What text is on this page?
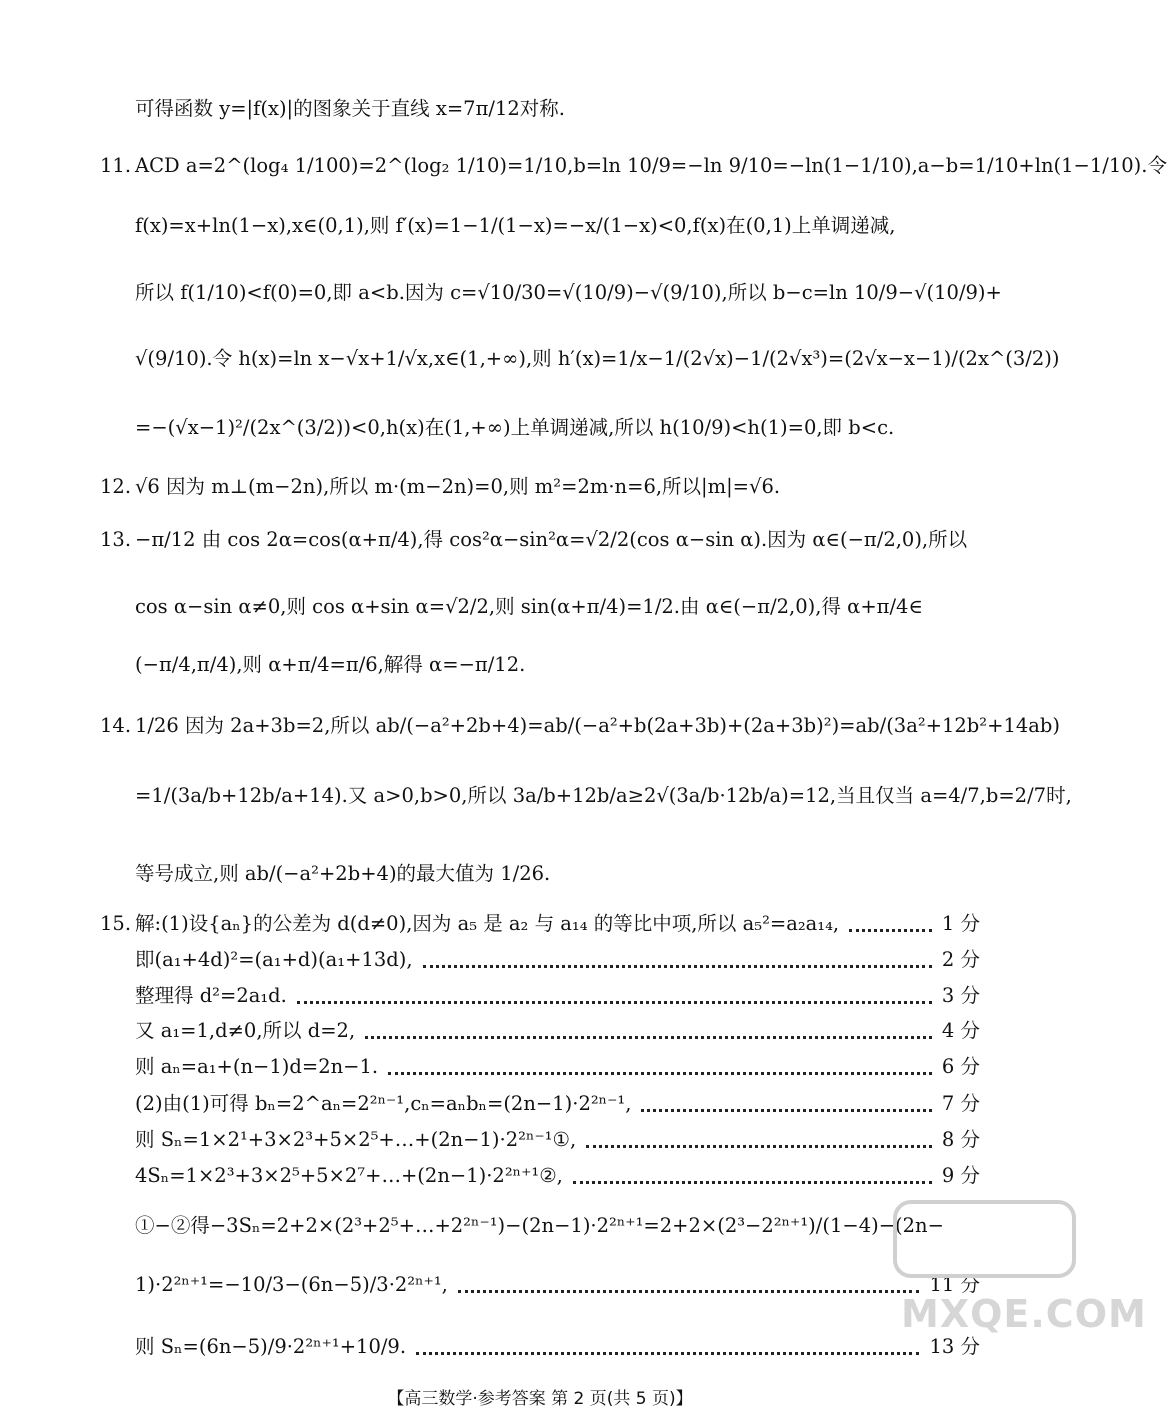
可得函数 y=|f(x)|的图象关于直线 x=7π/12对称.
11. ACD a=2^(log₄ 1/100)=2^(log₂ 1/10)=1/10,b=ln 10/9=−ln 9/10=−ln(1−1/10),a−b=1/10+ln(1−1/10).令
f(x)=x+ln(1−x),x∈(0,1),则 f′(x)=1−1/(1−x)=−x/(1−x)<0,f(x)在(0,1)上单调递减,
所以 f(1/10)<f(0)=0,即 a<b.因为 c=√10/30=√(10/9)−√(9/10),所以 b−c=ln 10/9−√(10/9)+
√(9/10).令 h(x)=ln x−√x+1/√x,x∈(1,+∞),则 h′(x)=1/x−1/(2√x)−1/(2√x³)=(2√x−x−1)/(2x^(3/2))
=−(√x−1)²/(2x^(3/2))<0,h(x)在(1,+∞)上单调递减,所以 h(10/9)<h(1)=0,即 b<c.
12. √6 因为 m⊥(m−2n),所以 m·(m−2n)=0,则 m²=2m·n=6,所以|m|=√6.
13. −π/12 由 cos 2α=cos(α+π/4),得 cos²α−sin²α=√2/2(cos α−sin α).因为 α∈(−π/2,0),所以
cos α−sin α≠0,则 cos α+sin α=√2/2,则 sin(α+π/4)=1/2.由 α∈(−π/2,0),得 α+π/4∈
(−π/4,π/4),则 α+π/4=π/6,解得 α=−π/12.
14. 1/26 因为 2a+3b=2,所以 ab/(−a²+2b+4)=ab/(−a²+b(2a+3b)+(2a+3b)²)=ab/(3a²+12b²+14ab)
=1/(3a/b+12b/a+14).又 a>0,b>0,所以 3a/b+12b/a≥2√(3a/b·12b/a)=12,当且仅当 a=4/7,b=2/7时,
等号成立,则 ab/(−a²+2b+4)的最大值为 1/26.
15. 解:(1)设{aₙ}的公差为 d(d≠0),因为 a₅ 是 a₂ 与 a₁₄ 的等比中项,所以 a₅²=a₂a₁₄,	1 分
即(a₁+4d)²=(a₁+d)(a₁+13d),	2 分
整理得 d²=2a₁d.	3 分
又 a₁=1,d≠0,所以 d=2,	4 分
则 aₙ=a₁+(n−1)d=2n−1.	6 分
(2)由(1)可得 bₙ=2^aₙ=2²ⁿ⁻¹,cₙ=aₙbₙ=(2n−1)·2²ⁿ⁻¹,	7 分
则 Sₙ=1×2¹+3×2³+5×2⁵+…+(2n−1)·2²ⁿ⁻¹①,	8 分
4Sₙ=1×2³+3×2⁵+5×2⁷+…+(2n−1)·2²ⁿ⁺¹②,	9 分
①−②得−3Sₙ=2+2×(2³+2⁵+…+2²ⁿ⁻¹)−(2n−1)·2²ⁿ⁺¹=2+2×(2³−2²ⁿ⁺¹)/(1−4)−(2n−
1)·2²ⁿ⁺¹=−10/3−(6n−5)/3·2²ⁿ⁺¹,	11 分
则 Sₙ=(6n−5)/9·2²ⁿ⁺¹+10/9.	13 分
【高三数学·参考答案 第 2 页(共 5 页)】
MXQE.COM
